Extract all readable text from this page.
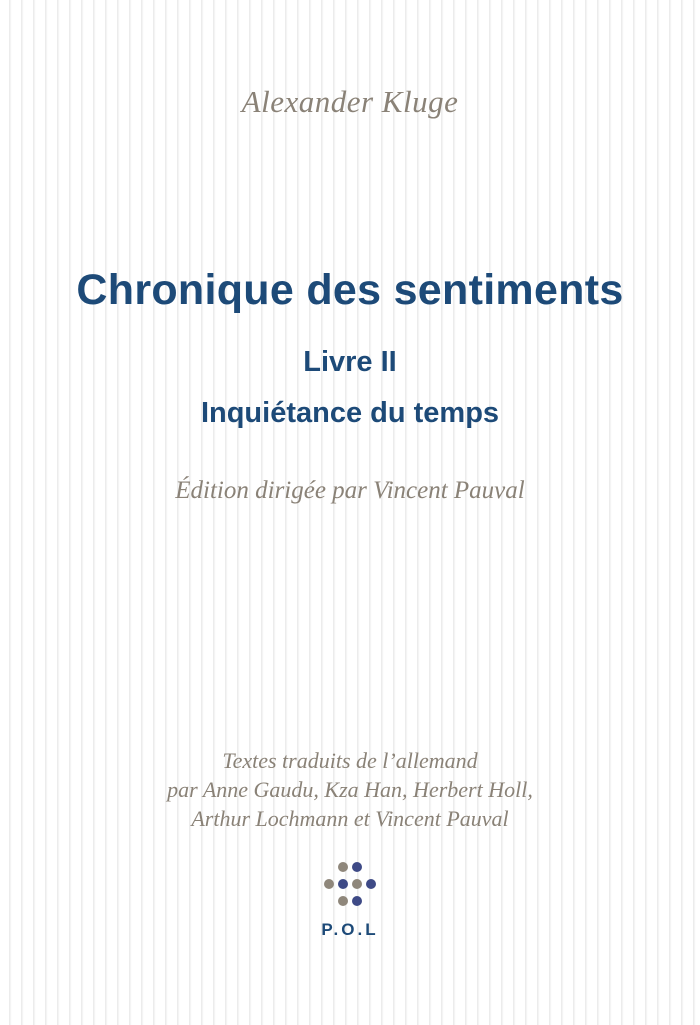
Alexander Kluge
Chronique des sentiments
Livre II
Inquiétance du temps
Édition dirigée par Vincent Pauval
Textes traduits de l’allemand
par Anne Gaudu, Kza Han, Herbert Holl,
Arthur Lochmann et Vincent Pauval
P.O.L
